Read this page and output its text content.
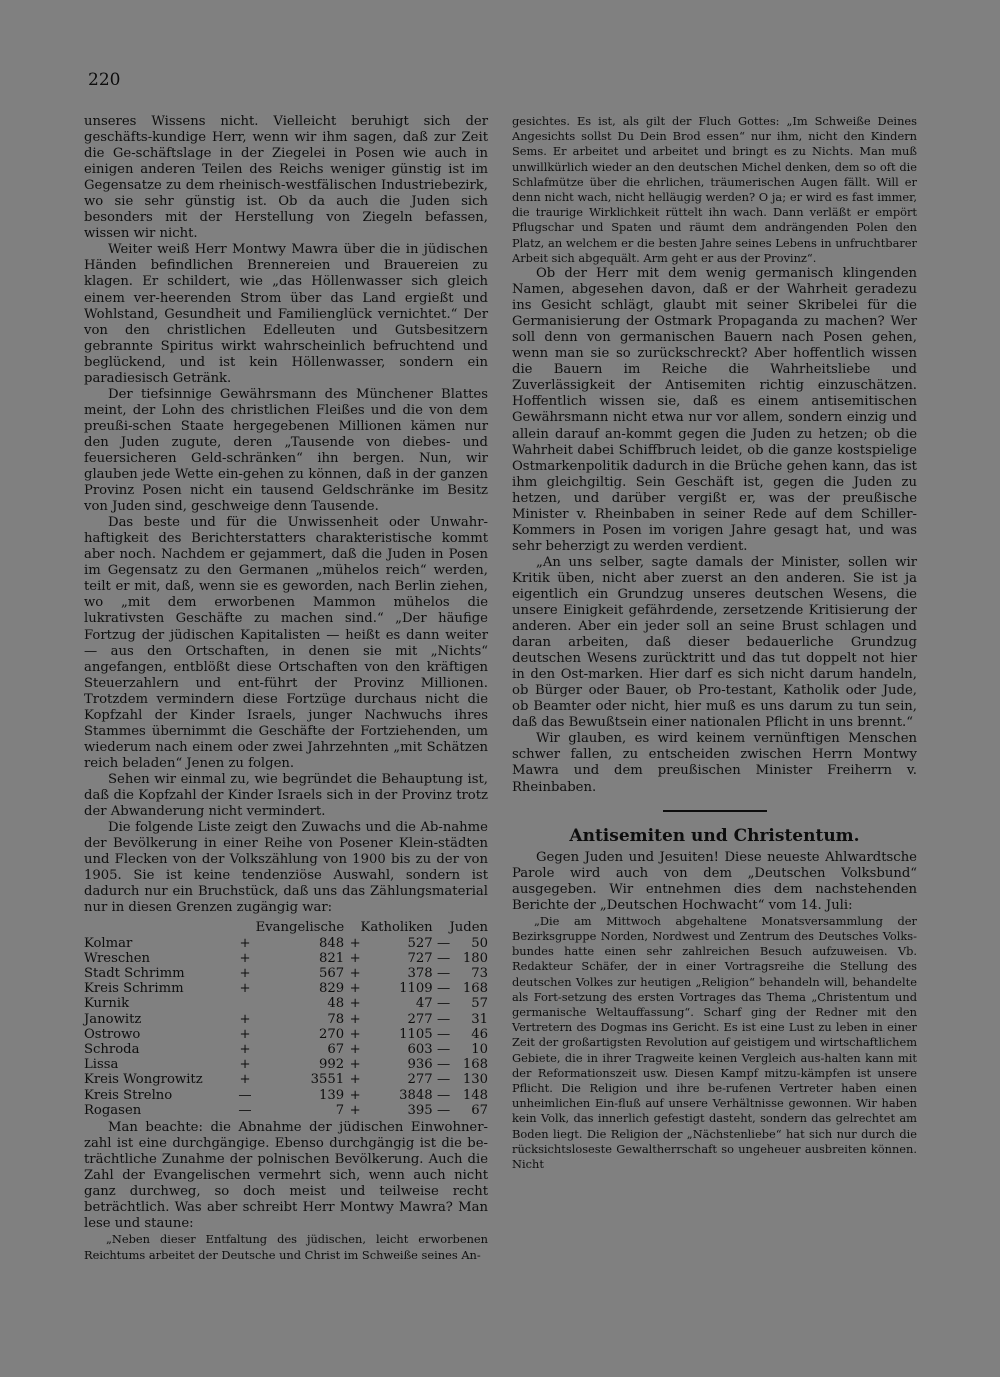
220

unseres Wissens nicht. Vielleicht beruhigt sich der geschäfts-kundige Herr, wenn wir ihm sagen, daß zur Zeit die Ge-schäftslage in der Ziegelei in Posen wie auch in einigen anderen Teilen des Reichs weniger günstig ist im Gegensatze zu dem rheinisch-westfälischen Industriebezirk, wo sie sehr günstig ist. Ob da auch die Juden sich besonders mit der Herstellung von Ziegeln befassen, wissen wir nicht.

Weiter weiß Herr Montwy Mawra über die in jüdischen Händen befindlichen Brennereien und Brauereien zu klagen. Er schildert, wie „das Höllenwasser sich gleich einem ver-heerenden Strom über das Land ergießt und Wohlstand, Gesundheit und Familienglück vernichtet.“ Der von den christlichen Edelleuten und Gutsbesitzern gebrannte Spiritus wirkt wahrscheinlich befruchtend und beglückend, und ist kein Höllenwasser, sondern ein paradiesisch Getränk.

Der tiefsinnige Gewährsmann des Münchener Blattes meint, der Lohn des christlichen Fleißes und die von dem preußi-schen Staate hergegebenen Millionen kämen nur den Juden zugute, deren „Tausende von diebes- und feuersicheren Geld-schränken“ ihn bergen. Nun, wir glauben jede Wette ein-gehen zu können, daß in der ganzen Provinz Posen nicht ein tausend Geldschränke im Besitz von Juden sind, geschweige denn Tausende.

Das beste und für die Unwissenheit oder Unwahr-haftigkeit des Berichterstatters charakteristische kommt aber noch. Nachdem er gejammert, daß die Juden in Posen im Gegensatz zu den Germanen „mühelos reich“ werden, teilt er mit, daß, wenn sie es geworden, nach Berlin ziehen, wo „mit dem erworbenen Mammon mühelos die lukrativsten Geschäfte zu machen sind.“ „Der häufige Fortzug der jüdischen Kapitalisten — heißt es dann weiter — aus den Ortschaften, in denen sie mit „Nichts“ angefangen, entblößt diese Ortschaften von den kräftigen Steuerzahlern und ent-führt der Provinz Millionen. Trotzdem vermindern diese Fortzüge durchaus nicht die Kopfzahl der Kinder Israels, junger Nachwuchs ihres Stammes übernimmt die Geschäfte der Fortziehenden, um wiederum nach einem oder zwei Jahrzehnten „mit Schätzen reich beladen“ Jenen zu folgen.

Sehen wir einmal zu, wie begründet die Behauptung ist, daß die Kopfzahl der Kinder Israels sich in der Provinz trotz der Abwanderung nicht vermindert.

Die folgende Liste zeigt den Zuwachs und die Ab-nahme der Bevölkerung in einer Reihe von Posener Klein-städten und Flecken von der Volkszählung von 1900 bis zu der von 1905. Sie ist keine tendenziöse Auswahl, sondern ist dadurch nur ein Bruchstück, daß uns das Zählungsmaterial nur in diesen Grenzen zugängig war:

	Evangelische		Katholiken		Juden	
Kolmar	+	848	+	527	—	50
Wreschen	+	821	+	727	—	180
Stadt Schrimm	+	567	+	378	—	73
Kreis Schrimm	+	829	+	1109	—	168
Kurnik		48	+	47	—	57
Janowitz	+	78	+	277	—	31
Ostrowo	+	270	+	1105	—	46
Schroda	+	67	+	603	—	10
Lissa	+	992	+	936	—	168
Kreis Wongrowitz	+	3551	+	277	—	130
Kreis Strelno	—	139	+	3848	—	148
Rogasen	—	7	+	395	—	67

Man beachte: die Abnahme der jüdischen Einwohner-zahl ist eine durchgängige. Ebenso durchgängig ist die be-trächtliche Zunahme der polnischen Bevölkerung. Auch die Zahl der Evangelischen vermehrt sich, wenn auch nicht ganz durchweg, so doch meist und teilweise recht beträchtlich. Was aber schreibt Herr Montwy Mawra? Man lese und staune:

„Neben dieser Entfaltung des jüdischen, leicht erworbenen Reichtums arbeitet der Deutsche und Christ im Schweiße seines An-

gesichtes. Es ist, als gilt der Fluch Gottes: „Im Schweiße Deines Angesichts sollst Du Dein Brod essen“ nur ihm, nicht den Kindern Sems. Er arbeitet und arbeitet und bringt es zu Nichts. Man muß unwillkürlich wieder an den deutschen Michel denken, dem so oft die Schlafmütze über die ehrlichen, träumerischen Augen fällt. Will er denn nicht wach, nicht helläugig werden? O ja; er wird es fast immer, die traurige Wirklichkeit rüttelt ihn wach. Dann verläßt er empört Pflugschar und Spaten und räumt dem andrängenden Polen den Platz, an welchem er die besten Jahre seines Lebens in unfruchtbarer Arbeit sich abgequält. Arm geht er aus der Provinz“.

Ob der Herr mit dem wenig germanisch klingenden Namen, abgesehen davon, daß er der Wahrheit geradezu ins Gesicht schlägt, glaubt mit seiner Skribelei für die Germanisierung der Ostmark Propaganda zu machen? Wer soll denn von germanischen Bauern nach Posen gehen, wenn man sie so zurückschreckt? Aber hoffentlich wissen die Bauern im Reiche die Wahrheitsliebe und Zuverlässigkeit der Antisemiten richtig einzuschätzen. Hoffentlich wissen sie, daß es einem antisemitischen Gewährsmann nicht etwa nur vor allem, sondern einzig und allein darauf an-kommt gegen die Juden zu hetzen; ob die Wahrheit dabei Schiffbruch leidet, ob die ganze kostspielige Ostmarkenpolitik dadurch in die Brüche gehen kann, das ist ihm gleichgiltig. Sein Geschäft ist, gegen die Juden zu hetzen, und darüber vergißt er, was der preußische Minister v. Rheinbaben in seiner Rede auf dem Schiller-Kommers in Posen im vorigen Jahre gesagt hat, und was sehr beherzigt zu werden verdient.

„An uns selber, sagte damals der Minister, sollen wir Kritik üben, nicht aber zuerst an den anderen. Sie ist ja eigentlich ein Grundzug unseres deutschen Wesens, die unsere Einigkeit gefährdende, zersetzende Kritisierung der anderen. Aber ein jeder soll an seine Brust schlagen und daran arbeiten, daß dieser bedauerliche Grundzug deutschen Wesens zurücktritt und das tut doppelt not hier in den Ost-marken. Hier darf es sich nicht darum handeln, ob Bürger oder Bauer, ob Pro-testant, Katholik oder Jude, ob Beamter oder nicht, hier muß es uns darum zu tun sein, daß das Bewußtsein einer nationalen Pflicht in uns brennt.“

Wir glauben, es wird keinem vernünftigen Menschen schwer fallen, zu entscheiden zwischen Herrn Montwy Mawra und dem preußischen Minister Freiherrn v. Rheinbaben.

Antisemiten und Christentum.

Gegen Juden und Jesuiten! Diese neueste Ahlwardtsche Parole wird auch von dem „Deutschen Volksbund“ ausgegeben. Wir entnehmen dies dem nachstehenden Berichte der „Deutschen Hochwacht“ vom 14. Juli:

„Die am Mittwoch abgehaltene Monatsversammlung der Bezirksgruppe Norden, Nordwest und Zentrum des Deutsches Volks-bundes hatte einen sehr zahlreichen Besuch aufzuweisen. Vb. Redakteur Schäfer, der in einer Vortragsreihe die Stellung des deutschen Volkes zur heutigen „Religion“ behandeln will, behandelte als Fort-setzung des ersten Vortrages das Thema „Christentum und germanische Weltauffassung“. Scharf ging der Redner mit den Vertretern des Dogmas ins Gericht. Es ist eine Lust zu leben in einer Zeit der großartigsten Revolution auf geistigem und wirtschaftlichem Gebiete, die in ihrer Tragweite keinen Vergleich aus-halten kann mit der Reformationszeit usw. Diesen Kampf mitzu-kämpfen ist unsere Pflicht. Die Religion und ihre be-rufenen Vertreter haben einen unheimlichen Ein-fluß auf unsere Verhältnisse gewonnen. Wir haben kein Volk, das innerlich gefestigt dasteht, sondern das gelrechtet am Boden liegt. Die Religion der „Nächstenliebe“ hat sich nur durch die rücksichtsloseste Gewaltherrschaft so ungeheuer ausbreiten können. Nicht
